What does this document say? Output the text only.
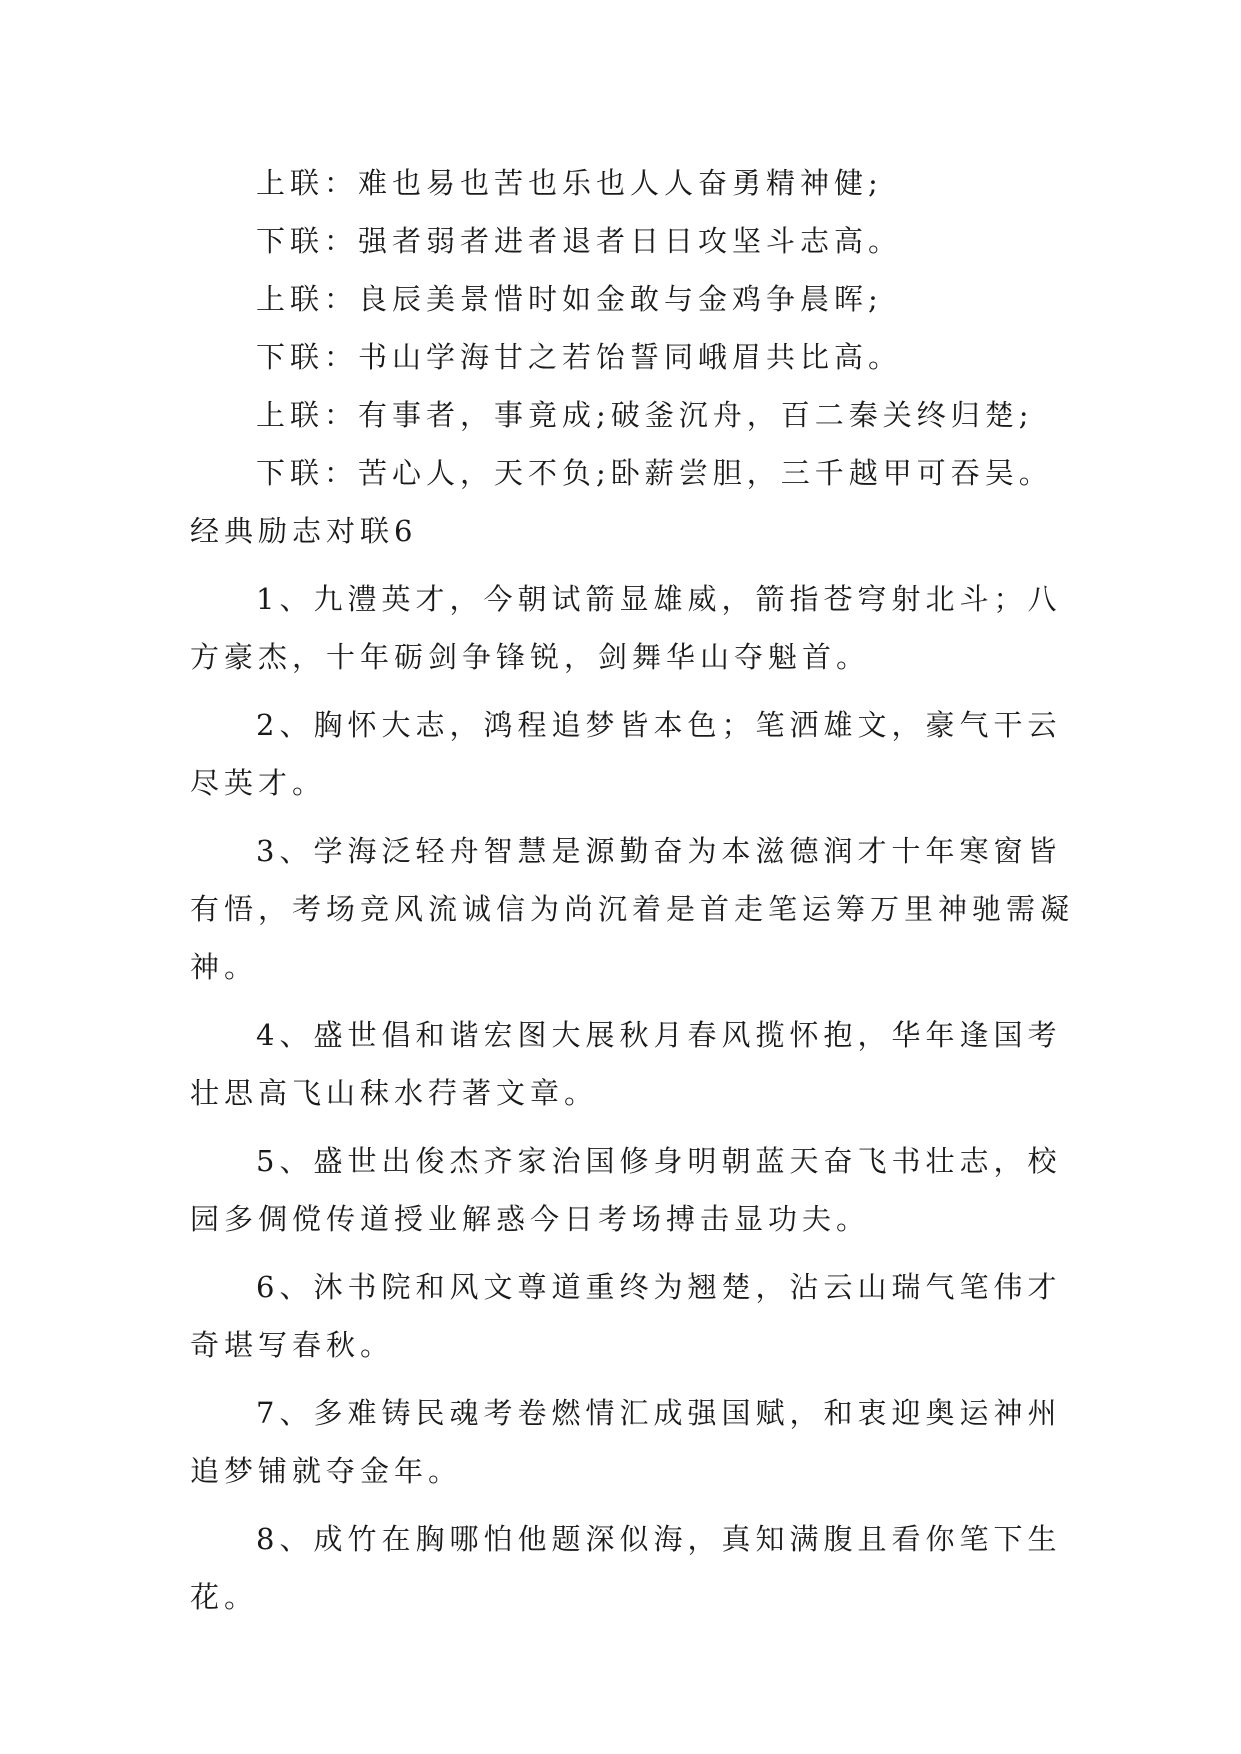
上联：难也易也苦也乐也人人奋勇精神健;

下联：强者弱者进者退者日日攻坚斗志高。

上联：良辰美景惜时如金敢与金鸡争晨晖;

下联：书山学海甘之若饴誓同峨眉共比高。

上联：有事者，事竟成;破釜沉舟，百二秦关终归楚;

下联：苦心人，天不负;卧薪尝胆，三千越甲可吞吴。

经典励志对联6

1、九澧英才，今朝试箭显雄威，箭指苍穹射北斗；八
方豪杰，十年砺剑争锋锐，剑舞华山夺魁首。
2、胸怀大志，鸿程追梦皆本色；笔洒雄文，豪气干云
尽英才。
3、学海泛轻舟智慧是源勤奋为本滋德润才十年寒窗皆
有悟，考场竞风流诚信为尚沉着是首走笔运筹万里神驰需凝
神。
4、盛世倡和谐宏图大展秋月春风揽怀抱，华年逢国考
壮思高飞山秣水荇著文章。
5、盛世出俊杰齐家治国修身明朝蓝天奋飞书壮志，校
园多倜傥传道授业解惑今日考场搏击显功夫。
6、沐书院和风文尊道重终为翘楚，沾云山瑞气笔伟才
奇堪写春秋。
7、多难铸民魂考卷燃情汇成强国赋，和衷迎奥运神州
追梦铺就夺金年。
8、成竹在胸哪怕他题深似海，真知满腹且看你笔下生
花。
